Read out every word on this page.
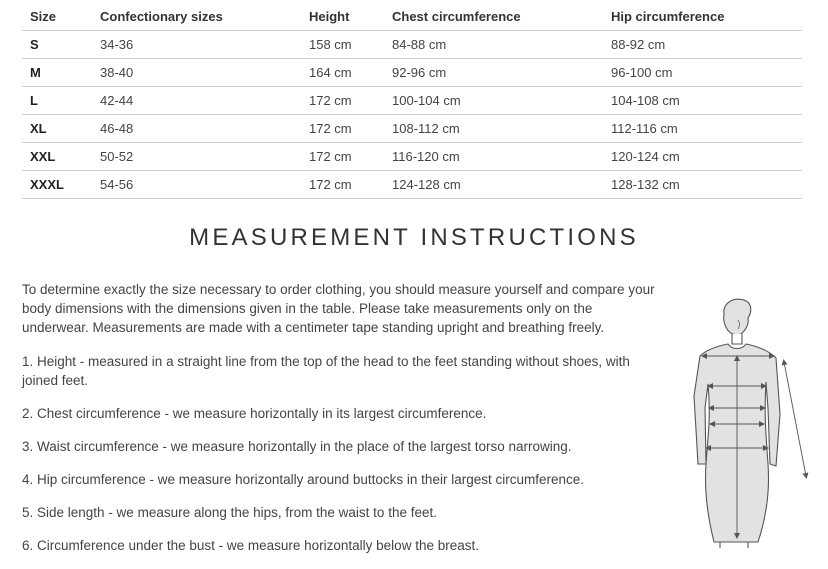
Size	Confectionary sizes	Height	Chest circumference	Hip circumference
S	34-36	158 cm	84-88 cm	88-92 cm
M	38-40	164 cm	92-96 cm	96-100 cm
L	42-44	172 cm	100-104 cm	104-108 cm
XL	46-48	172 cm	108-112 cm	112-116 cm
XXL	50-52	172 cm	116-120 cm	120-124 cm
XXXL	54-56	172 cm	124-128 cm	128-132 cm
MEASUREMENT INSTRUCTIONS

To determine exactly the size necessary to order clothing, you should measure yourself and compare your body dimensions with the dimensions given in the table. Please take measurements only on the underwear. Measurements are made with a centimeter tape standing upright and breathing freely.

1. Height - measured in a straight line from the top of the head to the feet standing without shoes, with joined feet.

2. Chest circumference - we measure horizontally in its largest circumference.

3. Waist circumference - we measure horizontally in the place of the largest torso narrowing.

4. Hip circumference - we measure horizontally around buttocks in their largest circumference.

5. Side length - we measure along the hips, from the waist to the feet.

6. Circumference under the bust - we measure horizontally below the breast.
